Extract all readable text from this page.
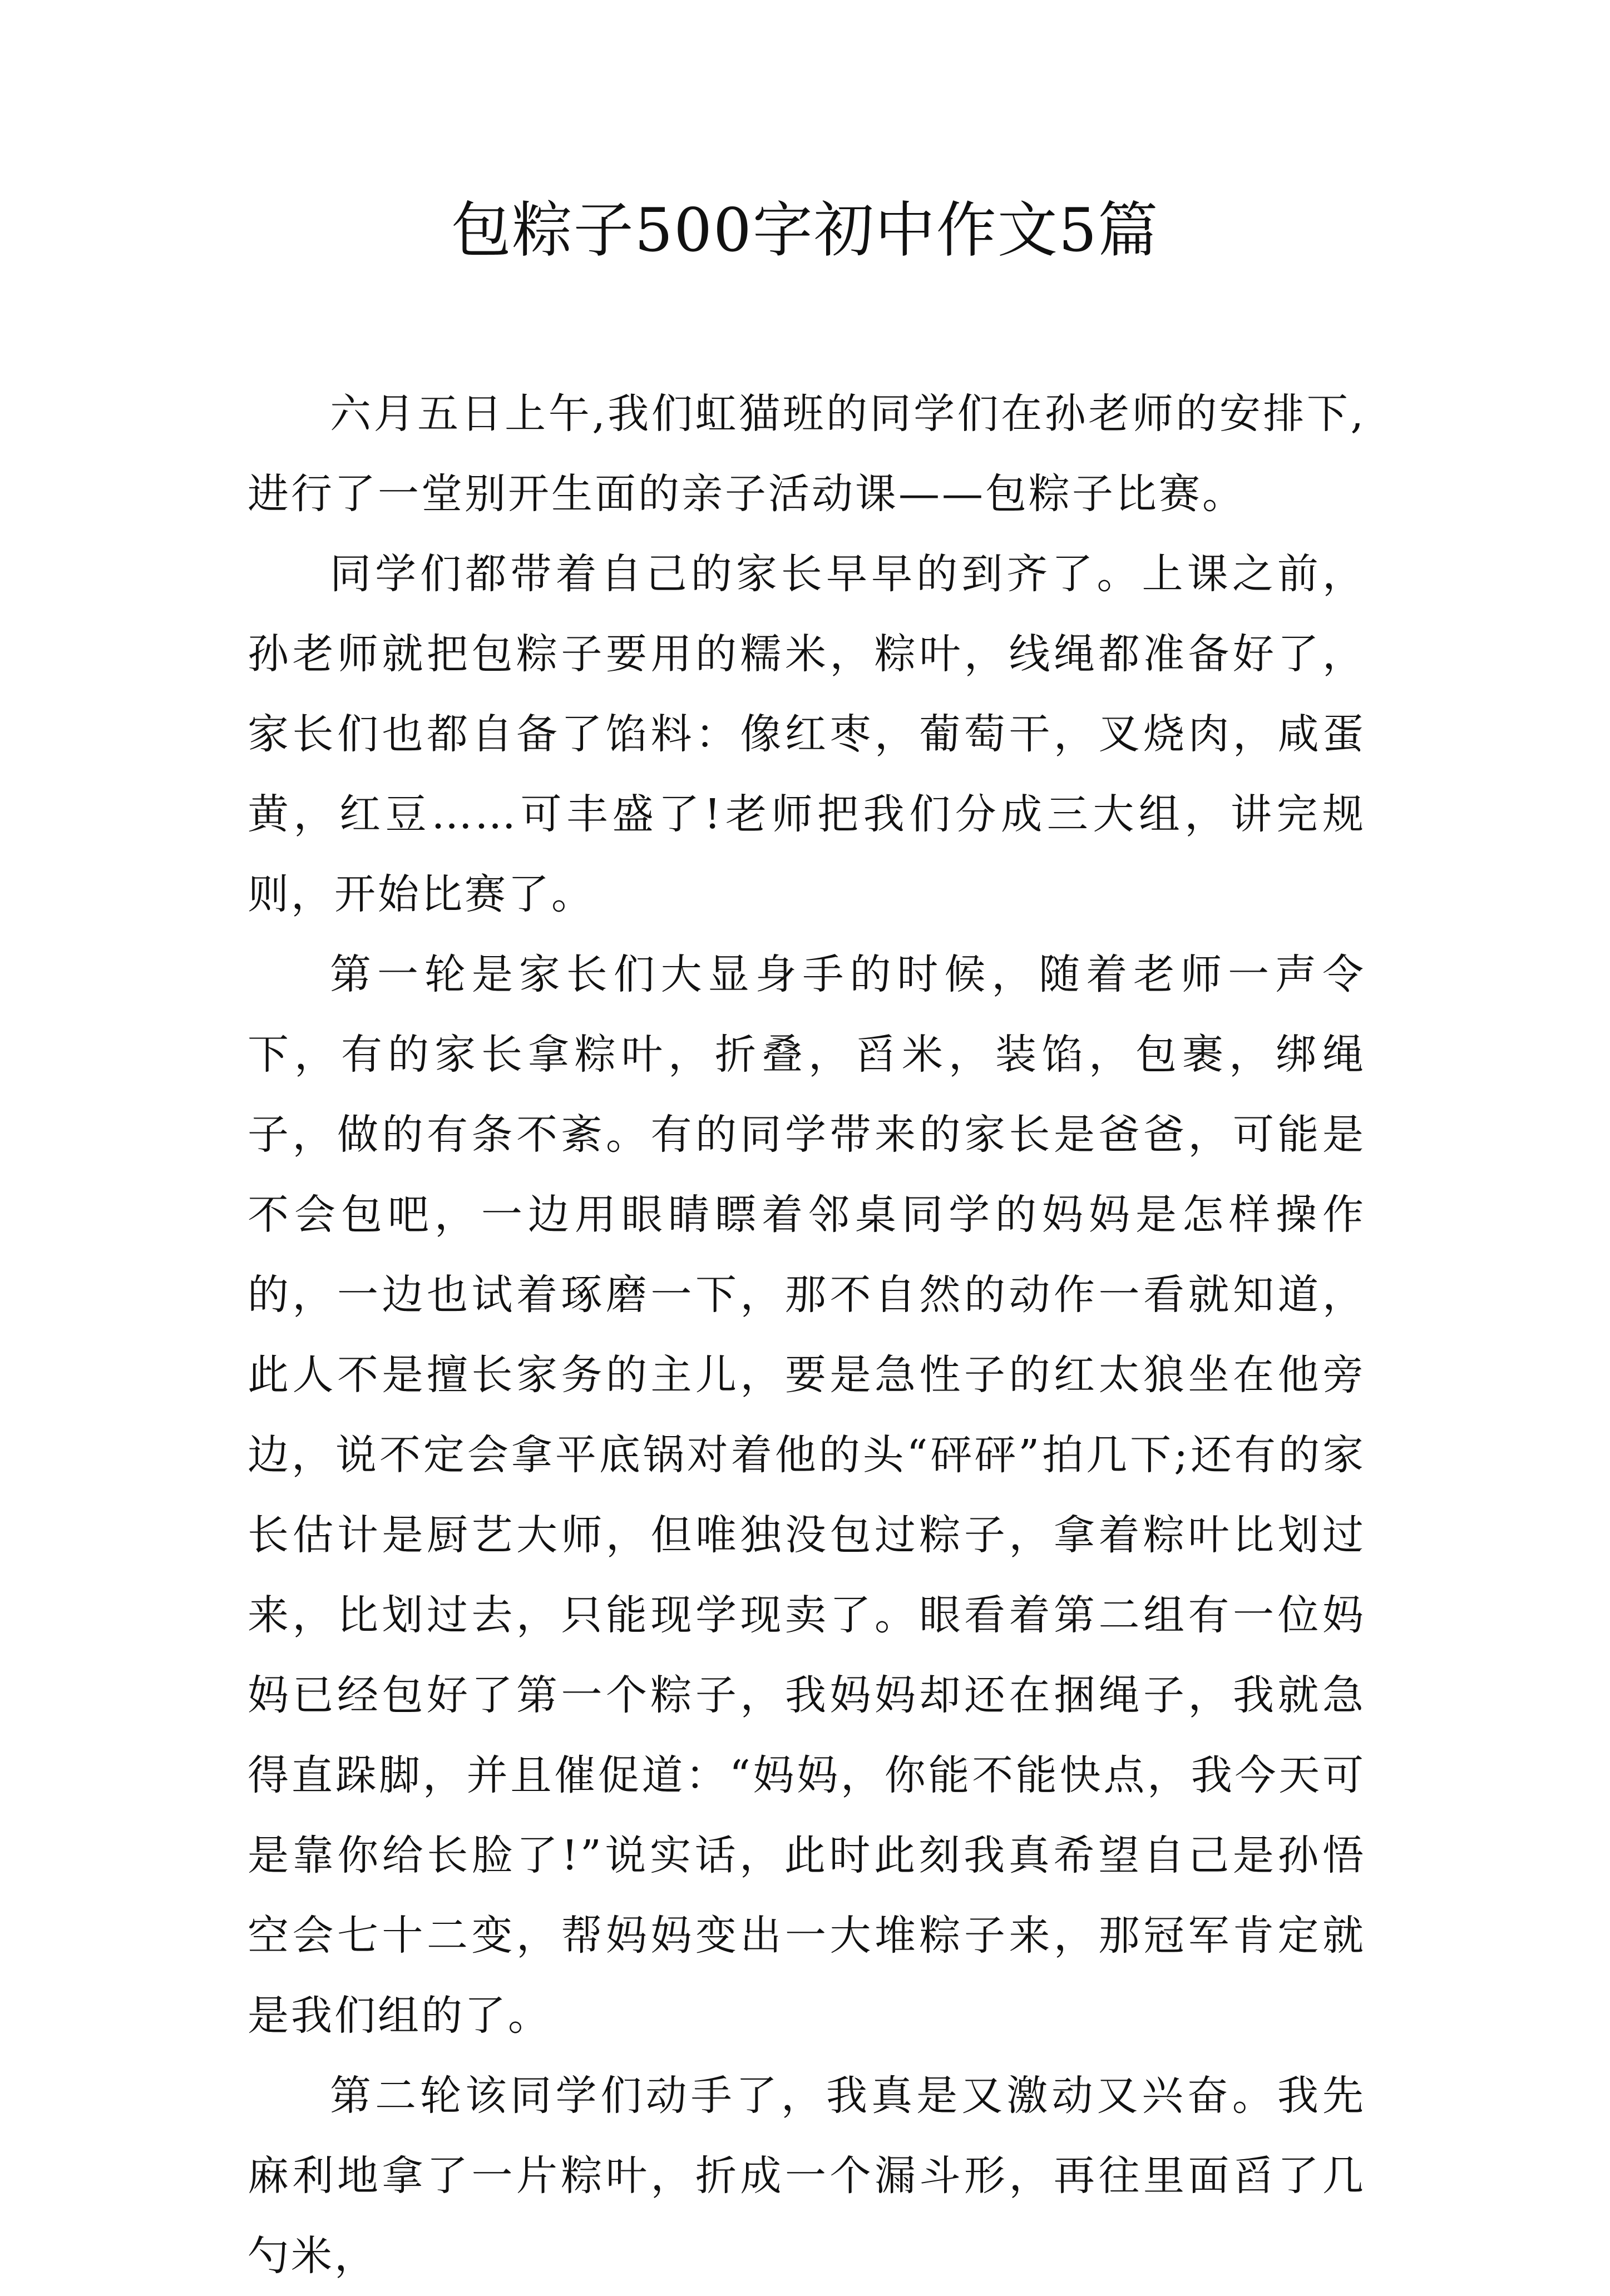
包粽子500字初中作文5篇

六月五日上午,我们虹猫班的同学们在孙老师的安排下,进行了一堂别开生面的亲子活动课——包粽子比赛。

同学们都带着自己的家长早早的到齐了。上课之前，孙老师就把包粽子要用的糯米，粽叶，线绳都准备好了，家长们也都自备了馅料：像红枣，葡萄干，叉烧肉，咸蛋黄，红豆……可丰盛了!老师把我们分成三大组，讲完规则，开始比赛了。

第一轮是家长们大显身手的时候，随着老师一声令下，有的家长拿粽叶，折叠，舀米，装馅，包裹，绑绳子，做的有条不紊。有的同学带来的家长是爸爸，可能是不会包吧，一边用眼睛瞟着邻桌同学的妈妈是怎样操作的，一边也试着琢磨一下，那不自然的动作一看就知道，此人不是擅长家务的主儿，要是急性子的红太狼坐在他旁边，说不定会拿平底锅对着他的头“砰砰”拍几下;还有的家长估计是厨艺大师，但唯独没包过粽子，拿着粽叶比划过来，比划过去，只能现学现卖了。眼看着第二组有一位妈妈已经包好了第一个粽子，我妈妈却还在捆绳子，我就急得直跺脚，并且催促道：“妈妈，你能不能快点，我今天可是靠你给长脸了!”说实话，此时此刻我真希望自己是孙悟空会七十二变，帮妈妈变出一大堆粽子来，那冠军肯定就是我们组的了。

第二轮该同学们动手了，我真是又激动又兴奋。我先麻利地拿了一片粽叶，折成一个漏斗形，再往里面舀了几勺米，
